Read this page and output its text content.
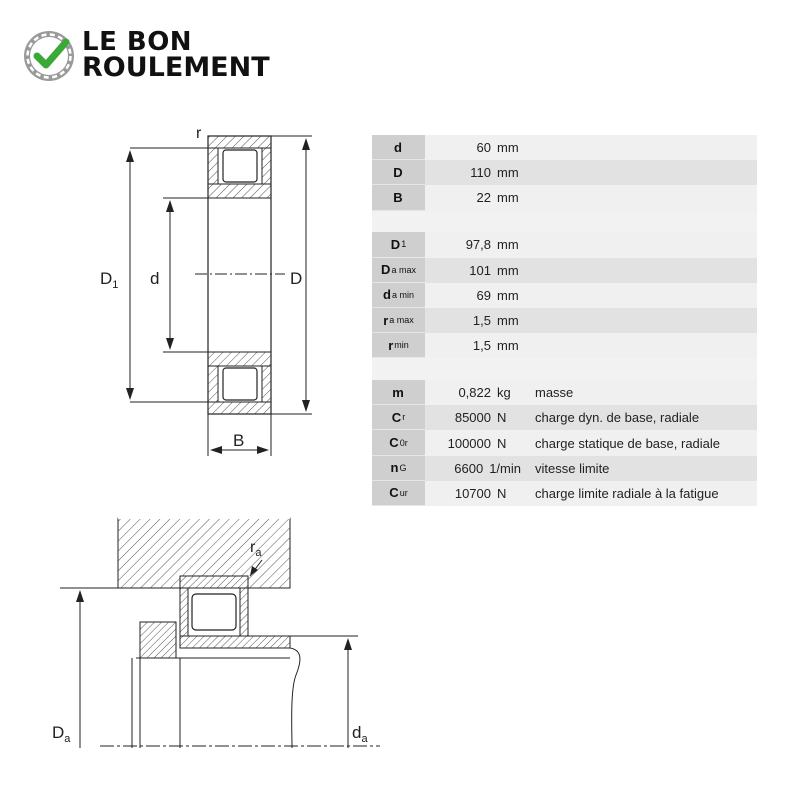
LE BON
ROULEMENT
r
$D_1$ d	D
B
$r_a$
$D_a$	$d_a$
d	60 mm
D	110 mm
B	22 mm
D 1	97,8 mm
D a max	101 mm
d a min	69 mm
r a max	1,5 mm
r min	1,5 mm
m	0,822 kg	masse
C r	85000 N	charge dyn. de base, radiale
C 0r	100000 N	charge statique de base, radiale
n G	6600 1/min	vitesse limite
C ur	10700 N	charge limite radiale à la fatigue
